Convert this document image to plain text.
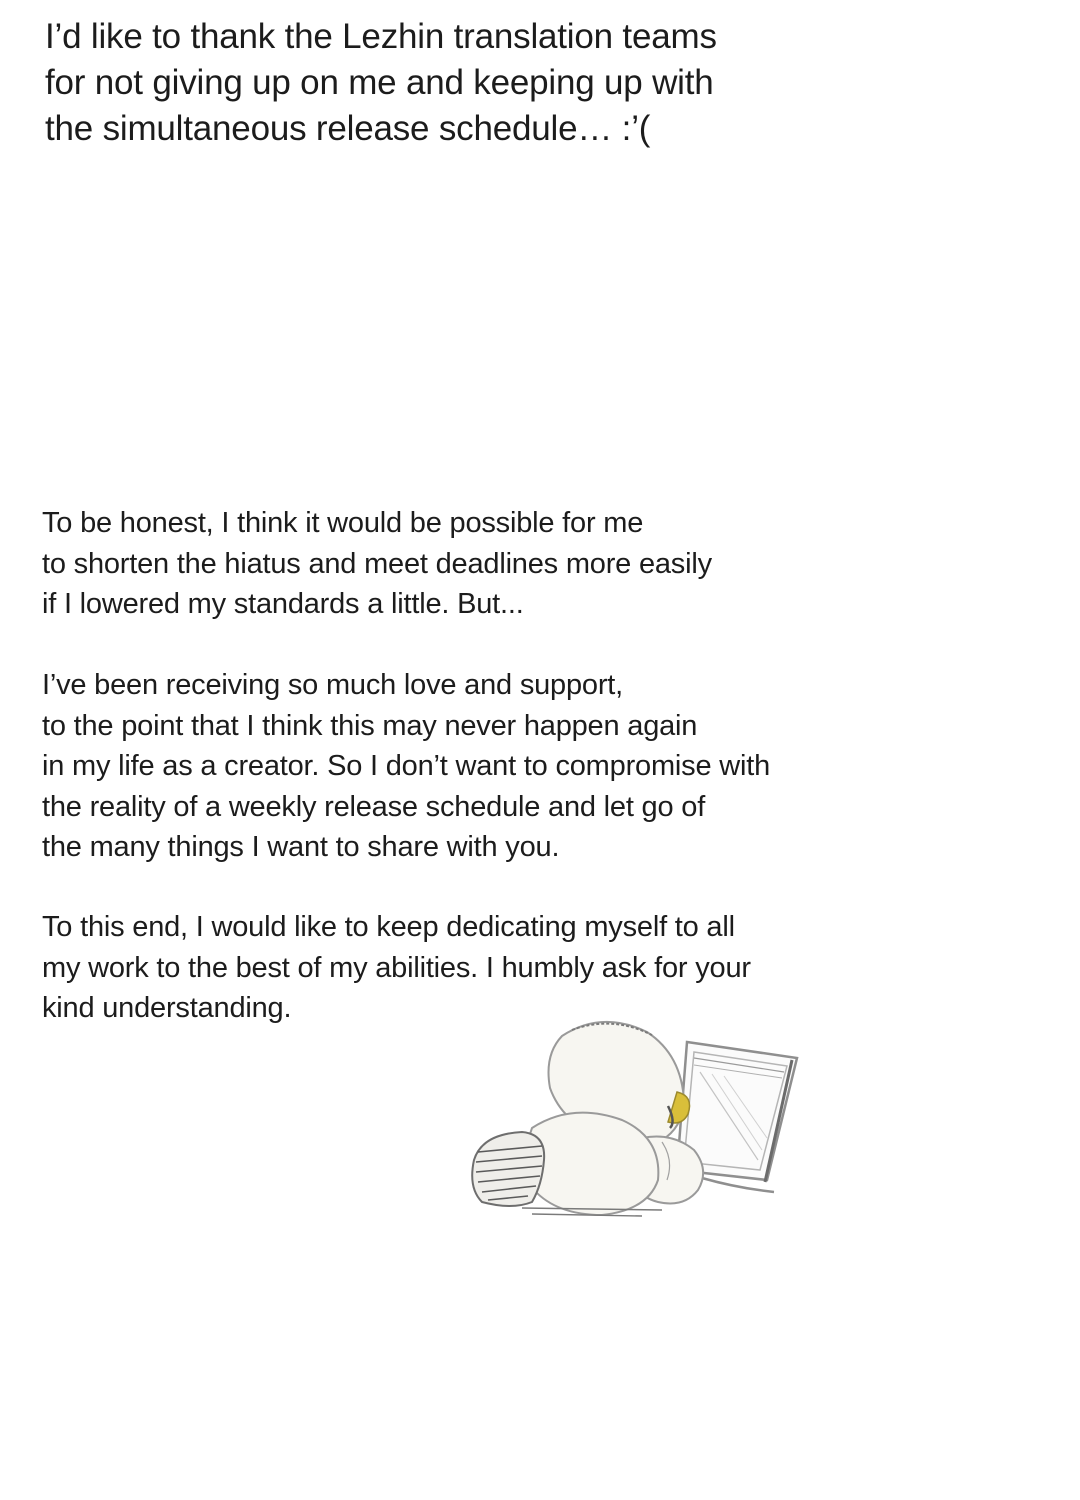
I’d like to thank the Lezhin translation teams
for not giving up on me and keeping up with
the simultaneous release schedule… :’(
To be honest, I think it would be possible for me
to shorten the hiatus and meet deadlines more easily
if I lowered my standards a little. But...
I’ve been receiving so much love and support,
to the point that I think this may never happen again
in my life as a creator. So I don’t want to compromise with
the reality of a weekly release schedule and let go of
the many things I want to share with you.
To this end, I would like to keep dedicating myself to all
my work to the best of my abilities. I humbly ask for your
kind understanding.
